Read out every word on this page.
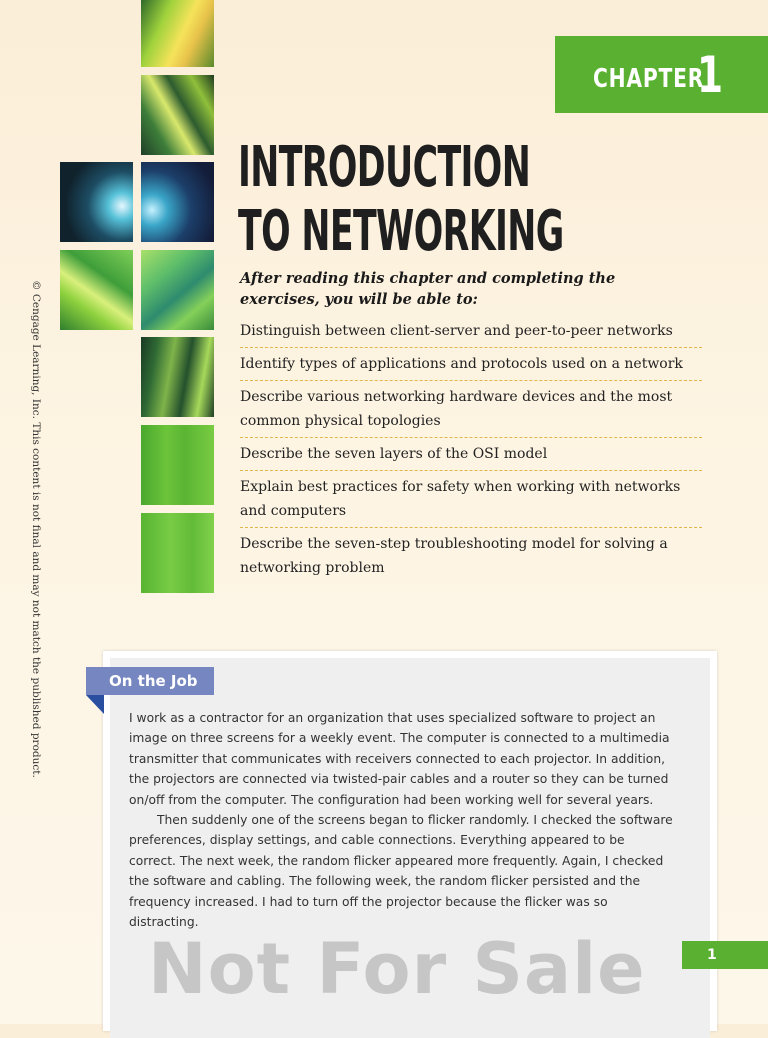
CHAPTER
1
INTRODUCTION
TO NETWORKING

After reading this chapter and completing the exercises, you will be able to:

Distinguish between client-server and peer-to-peer networks
Identify types of applications and protocols used on a network
Describe various networking hardware devices and the most common physical topologies
Describe the seven layers of the OSI model
Explain best practices for safety when working with networks and computers
Describe the seven-step troubleshooting model for solving a networking problem
© Cengage Learning, Inc. This content is not final and may not match the published product.	On the Job

I work as a contractor for an organization that uses specialized software to project an image on three screens for a weekly event. The computer is connected to a multimedia transmitter that communicates with receivers connected to each projector. In addition, the projectors are connected via twisted-pair cables and a router so they can be turned on/off from the computer. The configuration had been working well for several years.

Then suddenly one of the screens began to flicker randomly. I checked the software preferences, display settings, and cable connections. Everything appeared to be correct. The next week, the random flicker appeared more frequently. Again, I checked the software and cabling. The following week, the random flicker persisted and the frequency increased. I had to turn off the projector because the flicker was so distracting.

Not For Sale	1
